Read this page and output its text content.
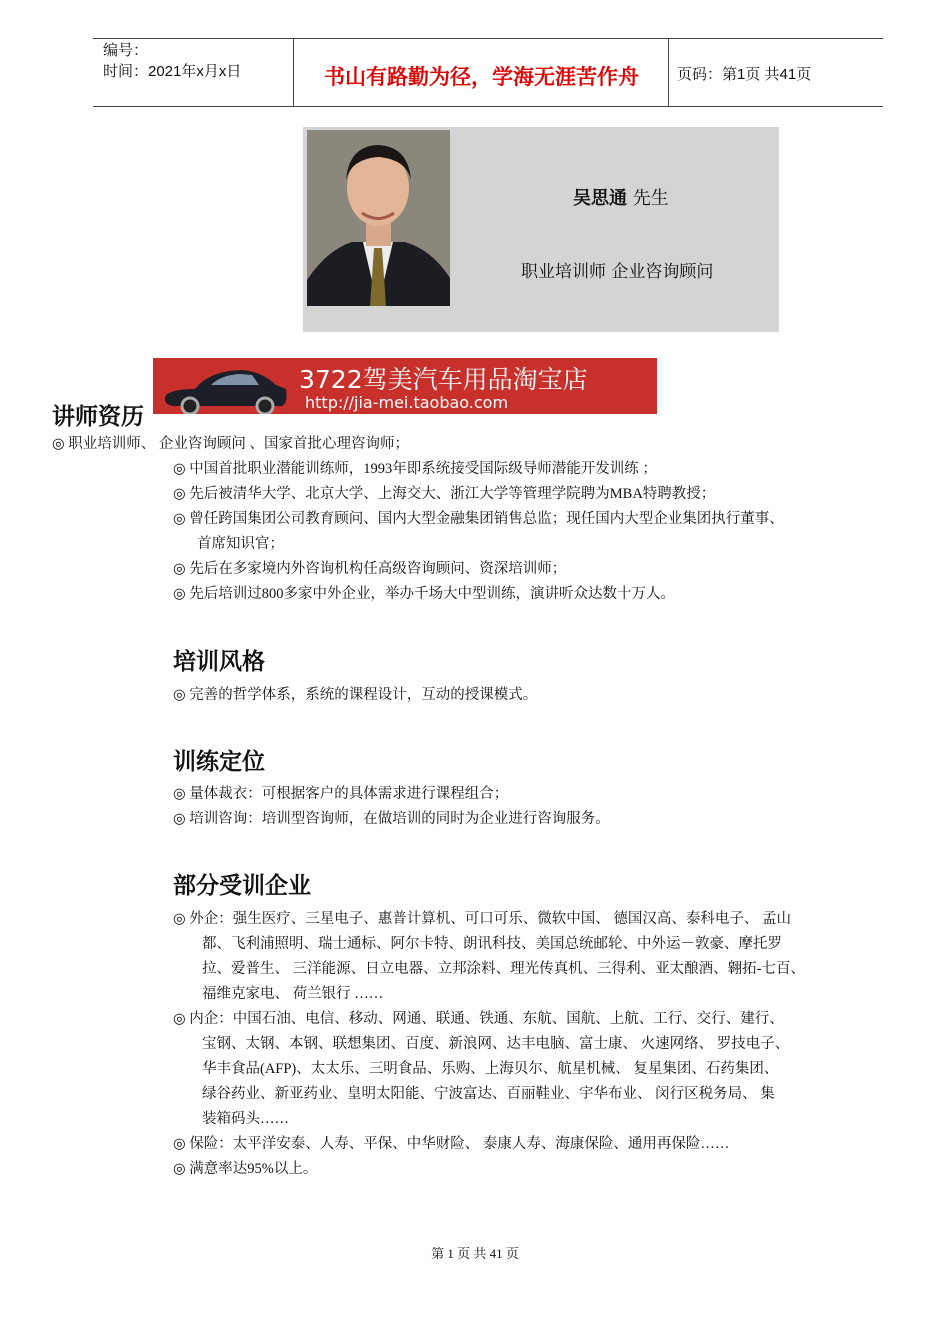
编号：
时间：2021年x月x日	书山有路勤为径，学海无涯苦作舟	页码：第1页 共41页
吴思通 先生
职业培训师 企业咨询顾问
3722驾美汽车用品淘宝店
http://jia-mei.taobao.com
讲师资历
◎ 职业培训师、 企业咨询顾问 、国家首批心理咨询师；
◎ 中国首批职业潜能训练师，1993年即系统接受国际级导师潜能开发训练 ；
◎ 先后被清华大学、北京大学、上海交大、浙江大学等管理学院聘为MBA特聘教授；
◎ 曾任跨国集团公司教育顾问、国内大型金融集团销售总监；现任国内大型企业集团执行董事、
首席知识官；
◎ 先后在多家境内外咨询机构任高级咨询顾问、资深培训师；
◎ 先后培训过800多家中外企业，举办千场大中型训练，演讲听众达数十万人。
培训风格
◎ 完善的哲学体系，系统的课程设计，互动的授课模式。
训练定位
◎ 量体裁衣：可根据客户的具体需求进行课程组合；
◎ 培训咨询：培训型咨询师，在做培训的同时为企业进行咨询服务。
部分受训企业
◎ 外企：强生医疗、三星电子、惠普计算机、可口可乐、微软中国、 德国汉高、泰科电子、 孟山
都、飞利浦照明、瑞士通标、阿尔卡特、朗讯科技、美国总统邮轮、中外运－敦豪、摩托罗
拉、爱普生、 三洋能源、日立电器、立邦涂料、理光传真机、三得利、亚太酿酒、翱拓-七百、
福维克家电、 荷兰银行 ……
◎ 内企：中国石油、电信、移动、网通、联通、铁通、东航、国航、上航、工行、交行、建行、
宝钢、太钢、本钢、联想集团、百度、新浪网、达丰电脑、富士康、 火速网络、 罗技电子、
华丰食品(AFP)、太太乐、三明食品、乐购、上海贝尔、航星机械、 复星集团、石药集团、
绿谷药业、新亚药业、皇明太阳能、宁波富达、百丽鞋业、宇华布业、 闵行区税务局、 集
装箱码头……
◎ 保险：太平洋安泰、人寿、平保、中华财险、 泰康人寿、海康保险、通用再保险……
◎ 满意率达95%以上。
第 1 页 共 41 页
